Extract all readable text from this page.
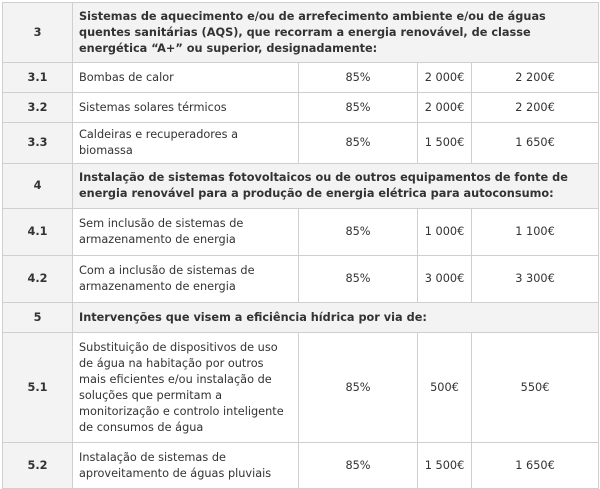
3	Sistemas de aquecimento e/ou de arrefecimento ambiente e/ou de águas quentes sanitárias (AQS), que recorram a energia renovável, de classe energética “A+” ou superior, designadamente:			
3.1	Bombas de calor	85%	2 000€	2 200€
3.2	Sistemas solares térmicos	85%	2 000€	2 200€
3.3	Caldeiras e recuperadores a biomassa	85%	1 500€	1 650€
4	Instalação de sistemas fotovoltaicos ou de outros equipamentos de fonte de energia renovável para a produção de energia elétrica para autoconsumo:			
4.1	Sem inclusão de sistemas de armazenamento de energia	85%	1 000€	1 100€
4.2	Com a inclusão de sistemas de armazenamento de energia	85%	3 000€	3 300€
5	Intervenções que visem a eficiência hídrica por via de:			
5.1	Substituição de dispositivos de uso de água na habitação por outros mais eficientes e/ou instalação de soluções que permitam a monitorização e controlo inteligente de consumos de água	85%	500€	550€
5.2	Instalação de sistemas de aproveitamento de águas pluviais	85%	1 500€	1 650€
